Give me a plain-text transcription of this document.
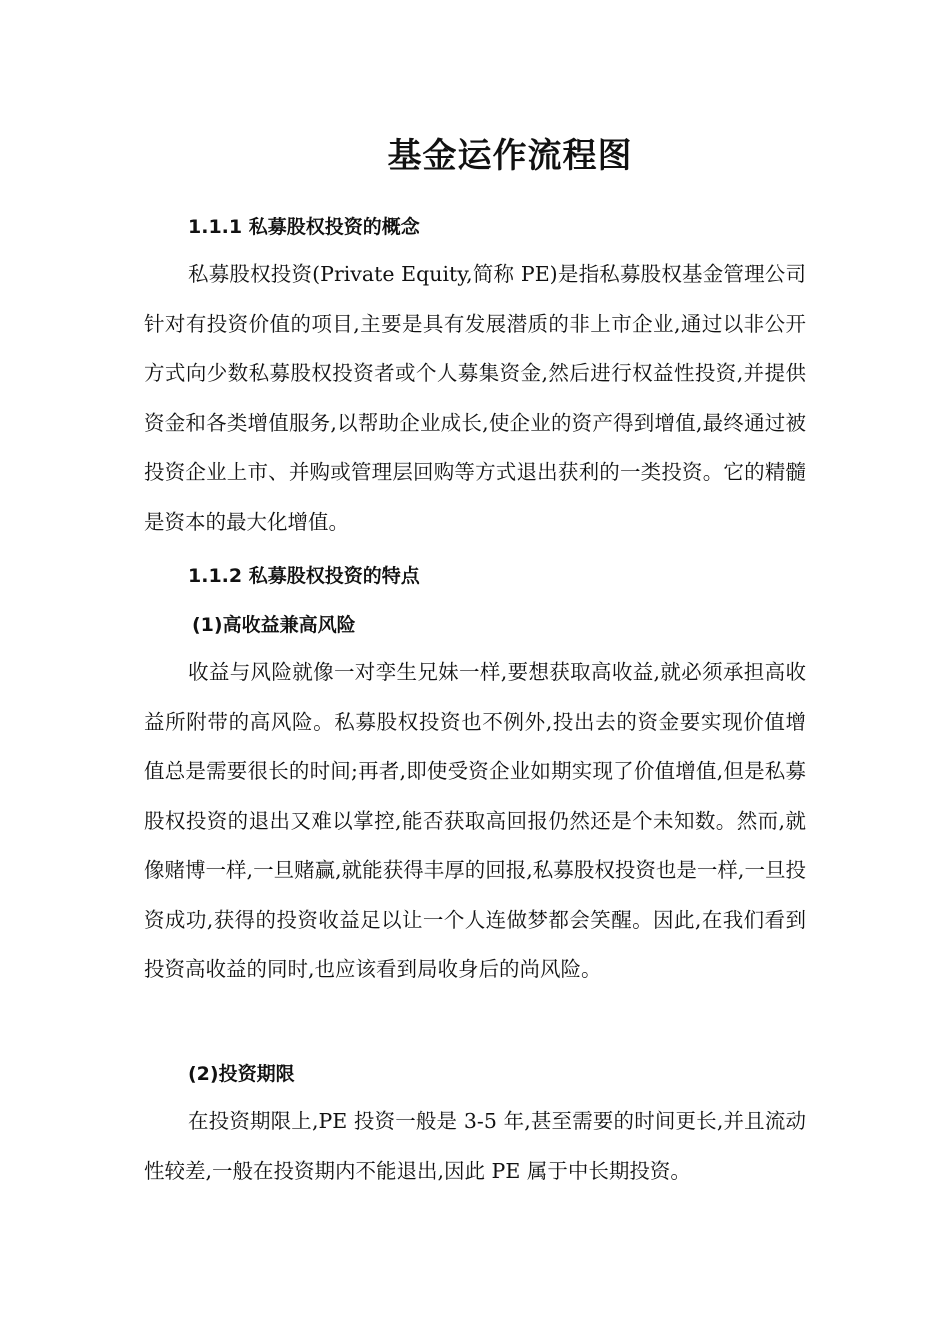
基金运作流程图
1.1.1 私募股权投资的概念

私募股权投资(Private Equity,简称 PE)是指私募股权基金管理公司针对有投资价值的项目,主要是具有发展潜质的非上市企业,通过以非公开方式向少数私募股权投资者或个人募集资金,然后进行权益性投资,并提供资金和各类增值服务,以帮助企业成长,使企业的资产得到增值,最终通过被投资企业上市、并购或管理层回购等方式退出获利的一类投资。它的精髓是资本的最大化增值。

1.1.2 私募股权投资的特点
(1)高收益兼高风险

收益与风险就像一对孪生兄妹一样,要想获取高收益,就必须承担高收益所附带的高风险。私募股权投资也不例外,投出去的资金要实现价值增值总是需要很长的时间;再者,即使受资企业如期实现了价值增值,但是私募股权投资的退出又难以掌控,能否获取高回报仍然还是个未知数。然而,就像赌博一样,一旦赌赢,就能获得丰厚的回报,私募股权投资也是一样,一旦投资成功,获得的投资收益足以让一个人连做梦都会笑醒。因此,在我们看到投资高收益的同时,也应该看到局收身后的尚风险。

(2)投资期限

在投资期限上,PE 投资一般是 3-5 年,甚至需要的时间更长,并且流动性较差,一般在投资期内不能退出,因此 PE 属于中长期投资。
